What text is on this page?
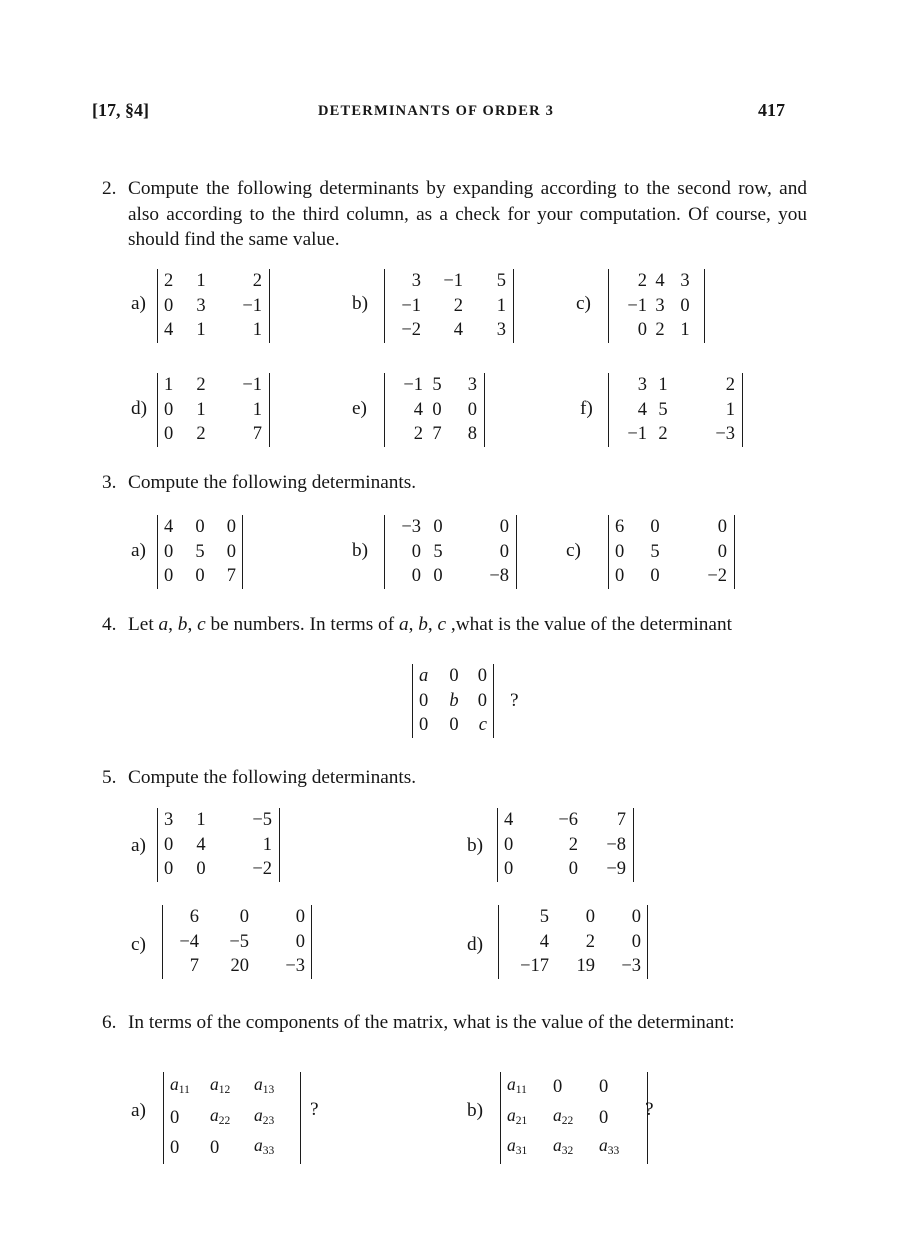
[17, §4]	DETERMINANTS OF ORDER 3	417
2. Compute the following determinants by expanding according to the second row, and also according to the third column, as a check for your computation. Of course, you should find the same value.
a)
2	1	2
0	3	−1
4	1	1
b)
3	−1	5
−1	2	1
−2	4	3
c)
2	4	3
−1	3	0
0	2	1
d)
1	2	−1
0	1	1
0	2	7
e)
−1	5	3
4	0	0
2	7	8
f)
3	1	2
4	5	1
−1	2	−3
3. Compute the following determinants.
a)
4	0	0
0	5	0
0	0	7
b)
−3	0	0
0	5	0
0	0	−8
c)
6	0	0
0	5	0
0	0	−2
4. Let a, b, c be numbers. In terms of a, b, c ,what is the value of the determinant
a	0	0
0	b	0
0	0	c
?
5. Compute the following determinants.
a)
3	1	−5
0	4	1
0	0	−2
b)
4	−6	7
0	2	−8
0	0	−9
c)
6	0	0
−4	−5	0
7	20	−3
d)
5	0	0
4	2	0
−17	19	−3
6. In terms of the components of the matrix, what is the value of the determinant:
a)
$a_{11}$	$a_{12}$	$a_{13}$
0	$a_{22}$	$a_{23}$
0	0	$a_{33}$
?	b)
$a_{11}$	0	0
$a_{21}$	$a_{22}$	0
$a_{31}$	$a_{32}$	$a_{33}$
?
